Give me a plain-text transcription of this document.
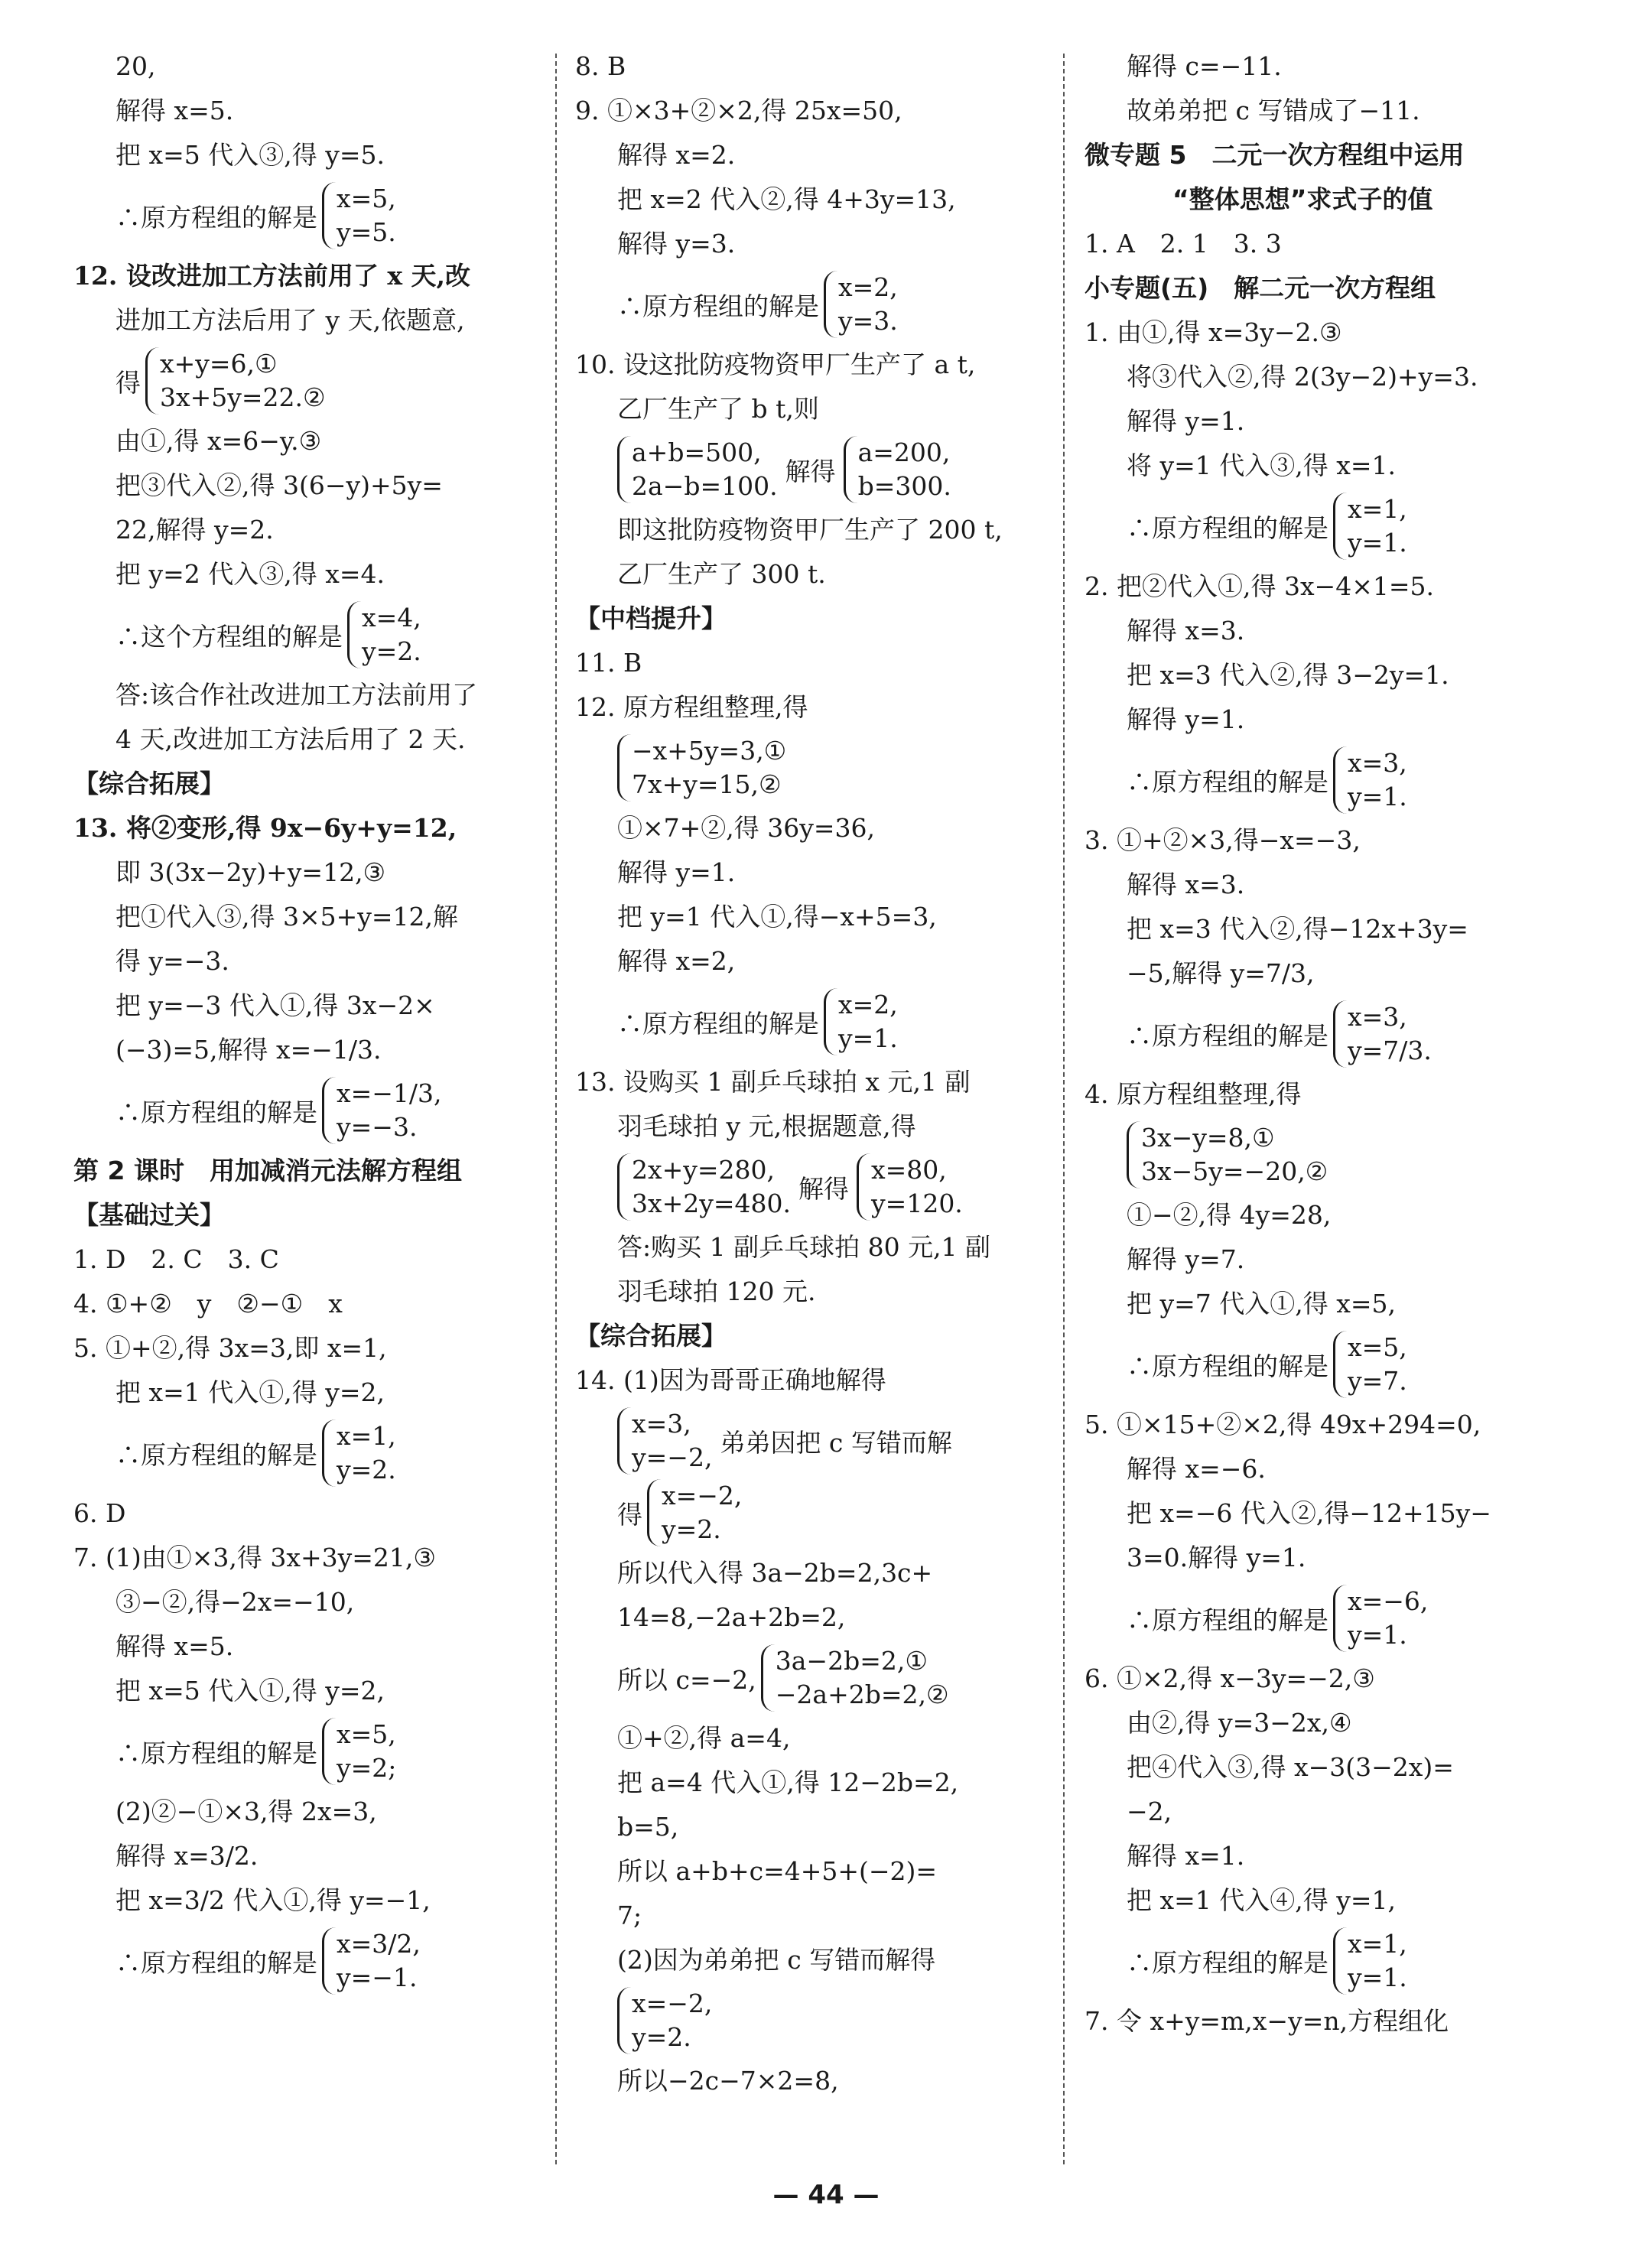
20,
解得 x=5.
把 x=5 代入③,得 y=5.
∴原方程组的解是
x=5,
y=5.
12. 设改进加工方法前用了 x 天,改
进加工方法后用了 y 天,依题意,
得
x+y=6,①
3x+5y=22.②
由①,得 x=6−y.③
把③代入②,得 3(6−y)+5y=
22,解得 y=2.
把 y=2 代入③,得 x=4.
∴这个方程组的解是
x=4,
y=2.
答:该合作社改进加工方法前用了
4 天,改进加工方法后用了 2 天.
【综合拓展】
13. 将②变形,得 9x−6y+y=12,
即 3(3x−2y)+y=12,③
把①代入③,得 3×5+y=12,解
得 y=−3.
把 y=−3 代入①,得 3x−2×
(−3)=5,解得 x=−1/3.
∴原方程组的解是
x=−1/3,
y=−3.
第 2 课时　用加减消元法解方程组
【基础过关】
1. D　2. C　3. C
4. ①+②　y　②−①　x
5. ①+②,得 3x=3,即 x=1,
把 x=1 代入①,得 y=2,
∴原方程组的解是
x=1,
y=2.
6. D
7. (1)由①×3,得 3x+3y=21,③
③−②,得−2x=−10,
解得 x=5.
把 x=5 代入①,得 y=2,
∴原方程组的解是
x=5,
y=2;
(2)②−①×3,得 2x=3,
解得 x=3/2.
把 x=3/2 代入①,得 y=−1,
∴原方程组的解是
x=3/2,
y=−1.
8. B
9. ①×3+②×2,得 25x=50,
解得 x=2.
把 x=2 代入②,得 4+3y=13,
解得 y=3.
∴原方程组的解是
x=2,
y=3.
10. 设这批防疫物资甲厂生产了 a t,
乙厂生产了 b t,则
a+b=500,
2a−b=100. 解得
a=200,
b=300.
即这批防疫物资甲厂生产了 200 t,
乙厂生产了 300 t.
【中档提升】
11. B
12. 原方程组整理,得
−x+5y=3,①
7x+y=15,②
①×7+②,得 36y=36,
解得 y=1.
把 y=1 代入①,得−x+5=3,
解得 x=2,
∴原方程组的解是
x=2,
y=1.
13. 设购买 1 副乒乓球拍 x 元,1 副
羽毛球拍 y 元,根据题意,得
2x+y=280,
3x+2y=480. 解得
x=80,
y=120.
答:购买 1 副乒乓球拍 80 元,1 副
羽毛球拍 120 元.
【综合拓展】
14. (1)因为哥哥正确地解得
x=3,
y=−2, 弟弟因把 c 写错而解
得
x=−2,
y=2.
所以代入得 3a−2b=2,3c+
14=8,−2a+2b=2,
所以 c=−2,
3a−2b=2,①
−2a+2b=2,②
①+②,得 a=4,
把 a=4 代入①,得 12−2b=2,
b=5,
所以 a+b+c=4+5+(−2)=
7;
(2)因为弟弟把 c 写错而解得
x=−2,
y=2.
所以−2c−7×2=8,
解得 c=−11.
故弟弟把 c 写错成了−11.
微专题 5　二元一次方程组中运用
“整体思想”求式子的值
1. A　2. 1　3. 3
小专题(五)　解二元一次方程组
1. 由①,得 x=3y−2.③
将③代入②,得 2(3y−2)+y=3.
解得 y=1.
将 y=1 代入③,得 x=1.
∴原方程组的解是
x=1,
y=1.
2. 把②代入①,得 3x−4×1=5.
解得 x=3.
把 x=3 代入②,得 3−2y=1.
解得 y=1.
∴原方程组的解是
x=3,
y=1.
3. ①+②×3,得−x=−3,
解得 x=3.
把 x=3 代入②,得−12x+3y=
−5,解得 y=7/3,
∴原方程组的解是
x=3,
y=7/3.
4. 原方程组整理,得
3x−y=8,①
3x−5y=−20,②
①−②,得 4y=28,
解得 y=7.
把 y=7 代入①,得 x=5,
∴原方程组的解是
x=5,
y=7.
5. ①×15+②×2,得 49x+294=0,
解得 x=−6.
把 x=−6 代入②,得−12+15y−
3=0.解得 y=1.
∴原方程组的解是
x=−6,
y=1.
6. ①×2,得 x−3y=−2,③
由②,得 y=3−2x,④
把④代入③,得 x−3(3−2x)=
−2,
解得 x=1.
把 x=1 代入④,得 y=1,
∴原方程组的解是
x=1,
y=1.
7. 令 x+y=m,x−y=n,方程组化
— 44 —
